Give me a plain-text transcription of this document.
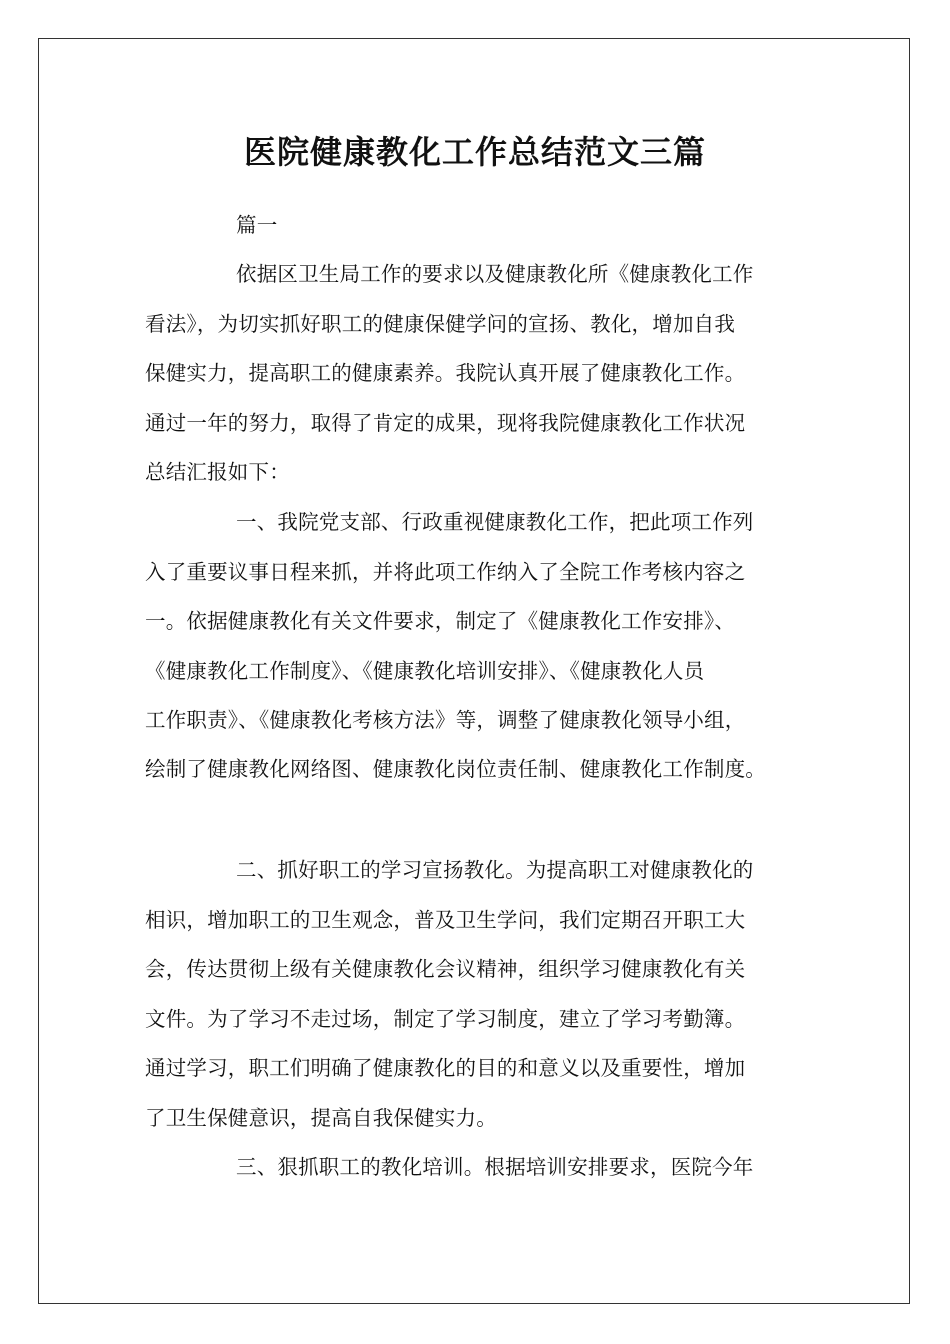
医院健康教化工作总结范文三篇
篇一
依据区卫生局工作的要求以及健康教化所《健康教化工作
看法》，为切实抓好职工的健康保健学问的宣扬、教化，增加自我
保健实力，提高职工的健康素养。我院认真开展了健康教化工作。
通过一年的努力，取得了肯定的成果，现将我院健康教化工作状况
总结汇报如下：
一、我院党支部、行政重视健康教化工作，把此项工作列
入了重要议事日程来抓，并将此项工作纳入了全院工作考核内容之
一。依据健康教化有关文件要求，制定了《健康教化工作安排》、
《健康教化工作制度》、《健康教化培训安排》、《健康教化人员
工作职责》、《健康教化考核方法》等，调整了健康教化领导小组，
绘制了健康教化网络图、健康教化岗位责任制、健康教化工作制度。
二、抓好职工的学习宣扬教化。为提高职工对健康教化的
相识，增加职工的卫生观念，普及卫生学问，我们定期召开职工大
会，传达贯彻上级有关健康教化会议精神，组织学习健康教化有关
文件。为了学习不走过场，制定了学习制度，建立了学习考勤簿。
通过学习，职工们明确了健康教化的目的和意义以及重要性，增加
了卫生保健意识，提高自我保健实力。
三、狠抓职工的教化培训。根据培训安排要求，医院今年
